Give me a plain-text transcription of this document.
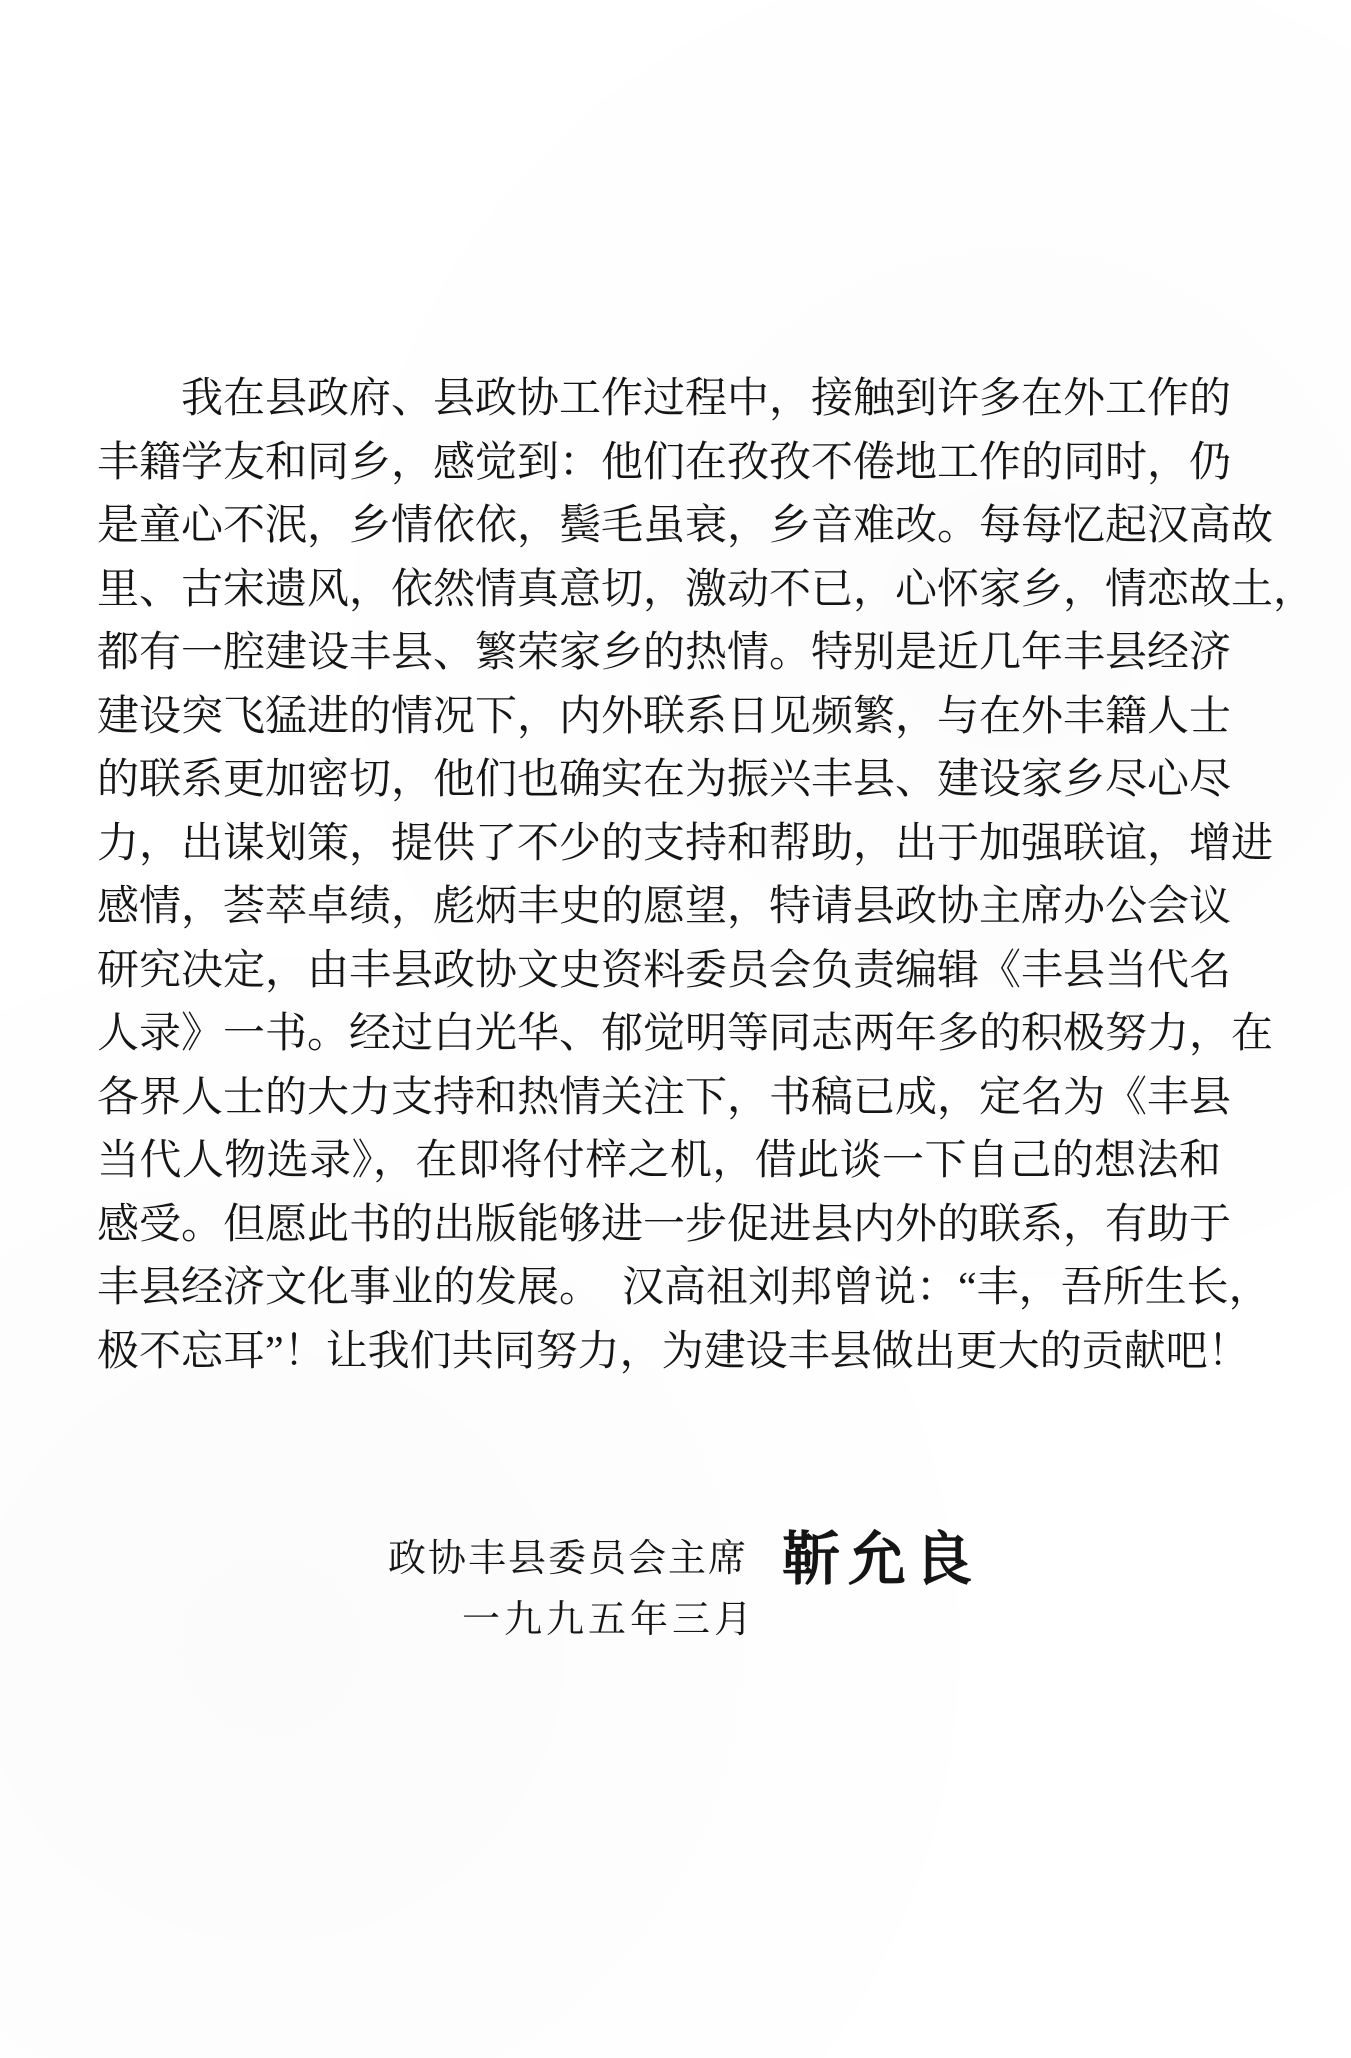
我在县政府、县政协工作过程中，接触到许多在外工作的
丰籍学友和同乡，感觉到：他们在孜孜不倦地工作的同时，仍
是童心不泯，乡情依依，鬓毛虽衰，乡音难改。每每忆起汉高故
里、古宋遗风，依然情真意切，激动不已，心怀家乡，情恋故土，
都有一腔建设丰县、繁荣家乡的热情。特别是近几年丰县经济
建设突飞猛进的情况下，内外联系日见频繁，与在外丰籍人士
的联系更加密切，他们也确实在为振兴丰县、建设家乡尽心尽
力，出谋划策，提供了不少的支持和帮助，出于加强联谊，增进
感情，荟萃卓绩，彪炳丰史的愿望，特请县政协主席办公会议
研究决定，由丰县政协文史资料委员会负责编辑《丰县当代名
人录》一书。经过白光华、郁觉明等同志两年多的积极努力，在
各界人士的大力支持和热情关注下，书稿已成，定名为《丰县
当代人物选录》，在即将付梓之机，借此谈一下自己的想法和
感受。但愿此书的出版能够进一步促进县内外的联系，有助于
丰县经济文化事业的发展。　汉高祖刘邦曾说：“丰，吾所生长，
极不忘耳”！让我们共同努力，为建设丰县做出更大的贡献吧！
政协丰县委员会主席 靳允良
一九九五年三月
